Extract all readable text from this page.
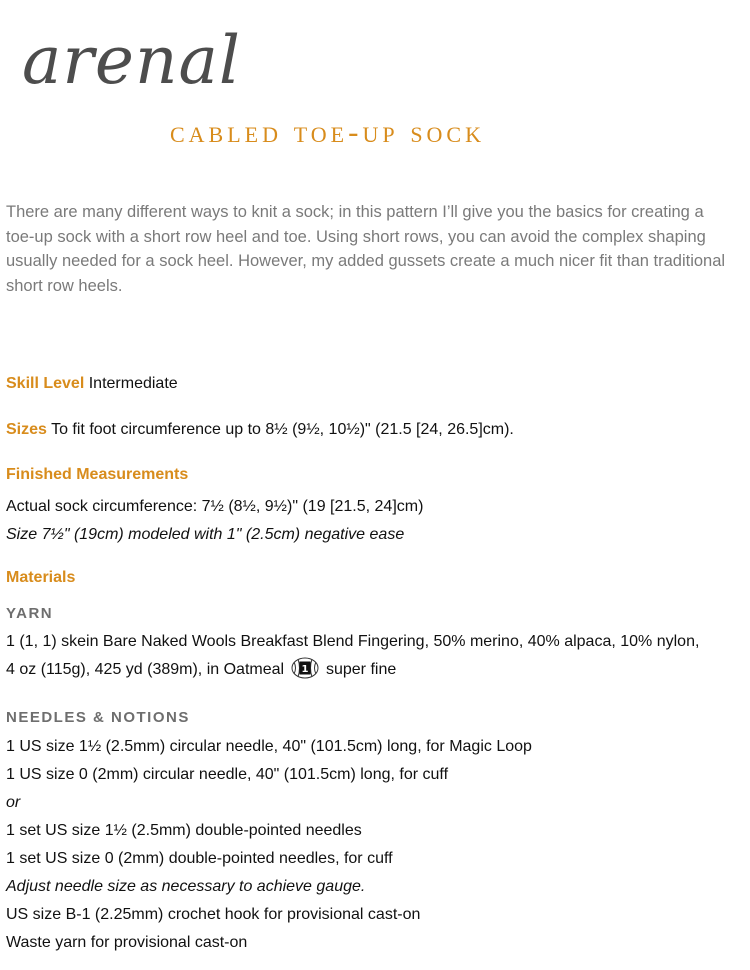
arenal
cabled toe-up sock

There are many different ways to knit a sock; in this pattern I’ll give you the basics for creating a toe-up sock with a short row heel and toe. Using short rows, you can avoid the complex shaping usually needed for a sock heel. However, my added gussets create a much nicer fit than traditional short row heels.

Skill Level Intermediate
Sizes To fit foot circumference up to 8½ (9½, 10½)" (21.5 [24, 26.5]cm).
Finished Measurements
Actual sock circumference: 7½ (8½, 9½)" (19 [21.5, 24]cm)
Size 7½" (19cm) modeled with 1" (2.5cm) negative ease
Materials
YARN
1 (1, 1) skein Bare Naked Wools Breakfast Blend Fingering, 50% merino, 40% alpaca, 10% nylon,
4 oz (115g), 425 yd (389m), in Oatmeal 1 super fine
NEEDLES & NOTIONS
1 US size 1½ (2.5mm) circular needle, 40" (101.5cm) long, for Magic Loop
1 US size 0 (2mm) circular needle, 40" (101.5cm) long, for cuff
or
1 set US size 1½ (2.5mm) double-pointed needles
1 set US size 0 (2mm) double-pointed needles, for cuff
Adjust needle size as necessary to achieve gauge.
US size B-1 (2.25mm) crochet hook for provisional cast-on
Waste yarn for provisional cast-on
